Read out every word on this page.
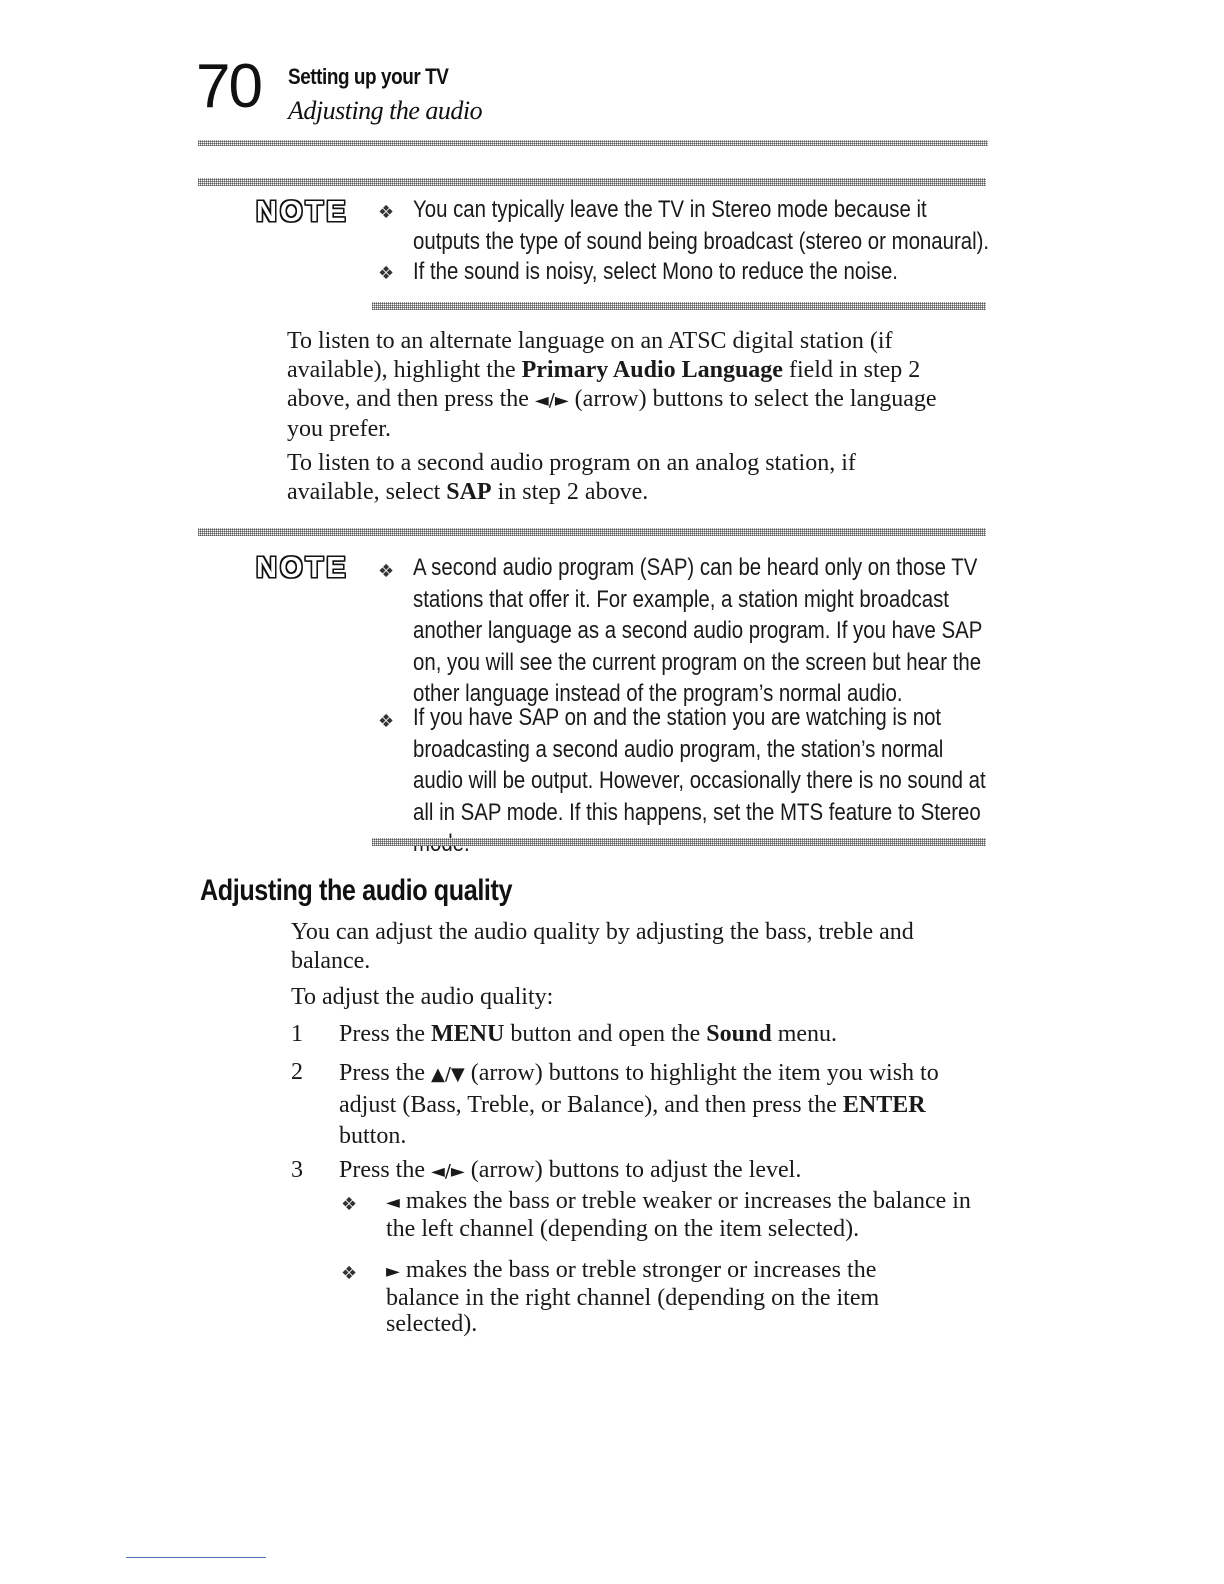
70 Setting up your TV
Adjusting the audio
NOTE ❖ You can typically leave the TV in Stereo mode because it outputs the type of sound being broadcast (stereo or monaural).
❖ If the sound is noisy, select Mono to reduce the noise.
To listen to an alternate language on an ATSC digital station (if available), highlight the Primary Audio Language field in step 2 above, and then press the ◄/► (arrow) buttons to select the language you prefer.
To listen to a second audio program on an analog station, if available, select SAP in step 2 above.
NOTE ❖ A second audio program (SAP) can be heard only on those TV stations that offer it. For example, a station might broadcast another language as a second audio program. If you have SAP on, you will see the current program on the screen but hear the other language instead of the program’s normal audio.
❖ If you have SAP on and the station you are watching is not broadcasting a second audio program, the station’s normal audio will be output. However, occasionally there is no sound at all in SAP mode. If this happens, set the MTS feature to Stereo
Adjusting the audio quality
You can adjust the audio quality by adjusting the bass, treble and balance.
To adjust the audio quality:
1 Press the MENU button and open the Sound menu.
2 Press the ▲/▼ (arrow) buttons to highlight the item you wish to adjust (Bass, Treble, or Balance), and then press the ENTER button.
3 Press the ◄/► (arrow) buttons to adjust the level.
❖ ◄ makes the bass or treble weaker or increases the balance in the left channel (depending on the item selected).
❖ ► makes the bass or treble stronger or increases the balance in the right channel (depending on the item selected).
